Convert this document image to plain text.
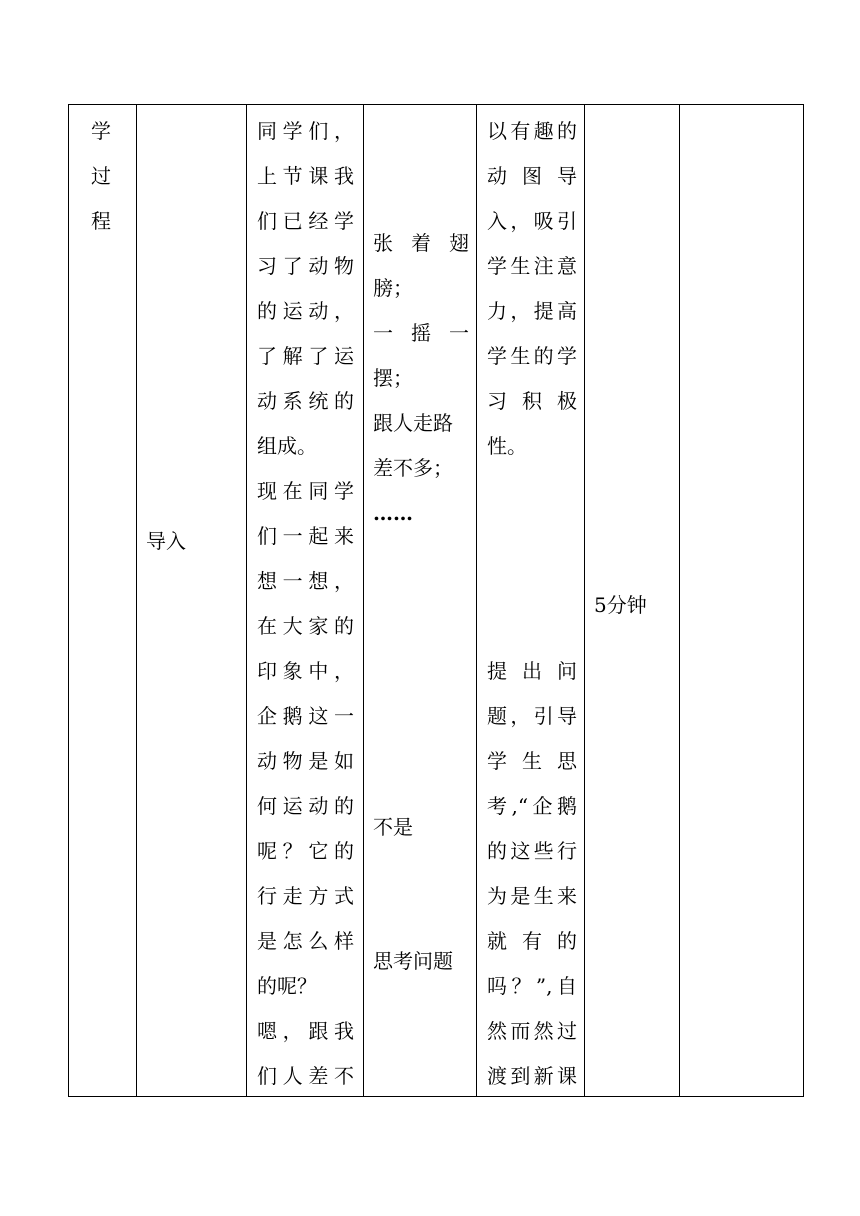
学
过
程
导入
同学们，
上节课我
们已经学
习了动物
的运动，
了解了运
动系统的
组成。
现在同学
们一起来
想一想，
在大家的
印象中，
企鹅这一
动物是如
何运动的
呢？它的
行走方式
是怎么样
的呢？
嗯，跟我
们人差不
张着翅
膀；
一摇一
摆；
跟人走路
差不多；
……
不是
思考问题
以有趣的
动图导
入，吸引
学生注意
力，提高
学生的学
习积极
性。
提出问
题，引导
学生思
考,“企鹅
的这些行
为是生来
就有的
吗？”,自
然而然过
渡到新课
5分钟
